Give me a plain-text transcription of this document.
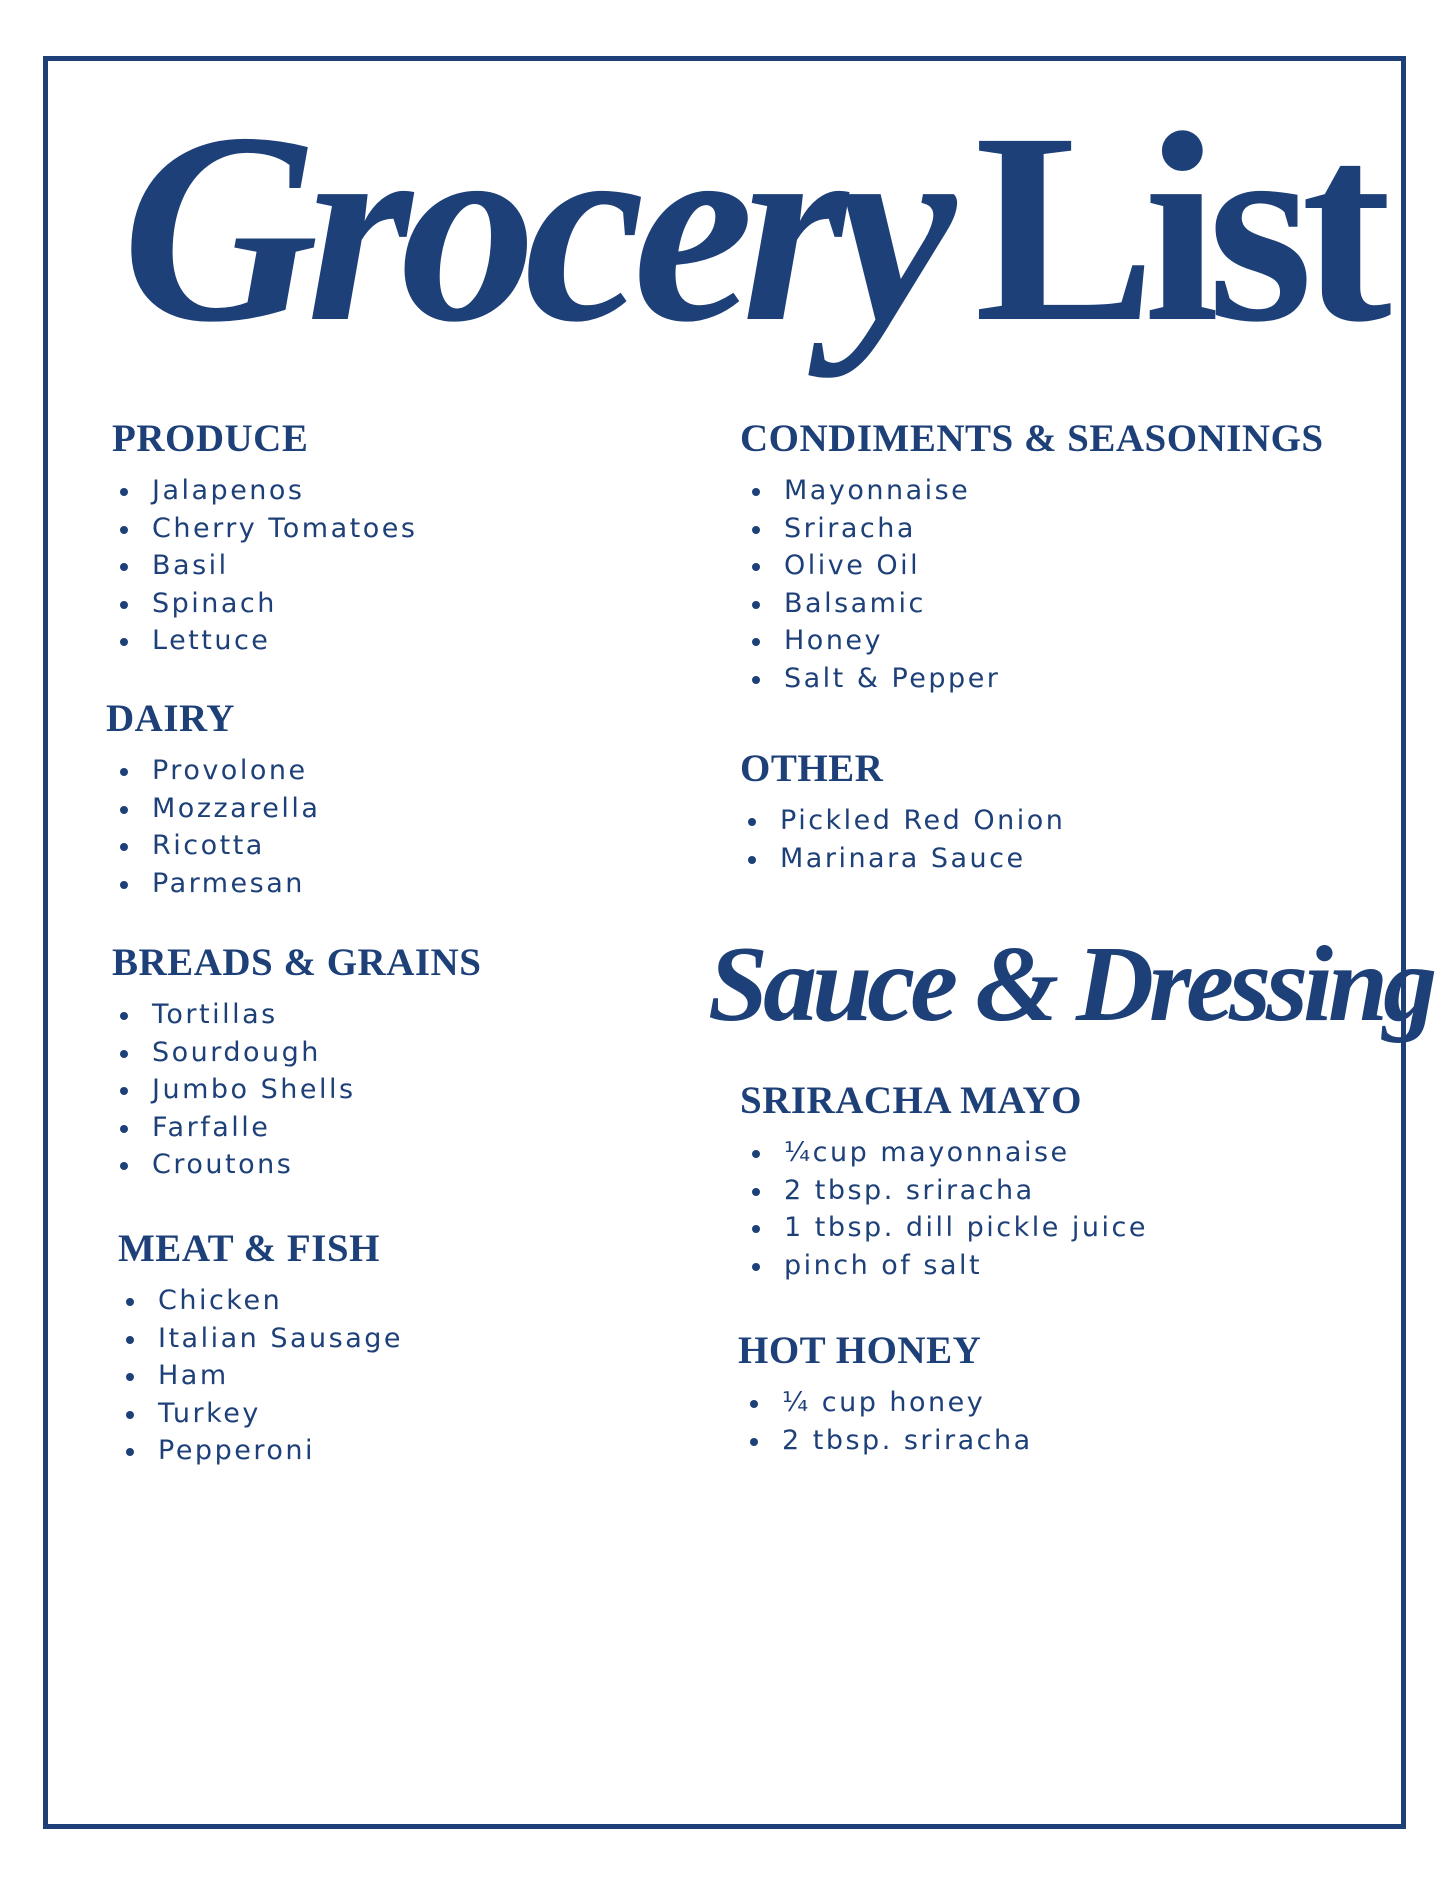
Grocery List
PRODUCE
Jalapenos
Cherry Tomatoes
Basil
Spinach
Lettuce
DAIRY
Provolone
Mozzarella
Ricotta
Parmesan
BREADS & GRAINS
Tortillas
Sourdough
Jumbo Shells
Farfalle
Croutons
MEAT & FISH
Chicken
Italian Sausage
Ham
Turkey
Pepperoni
CONDIMENTS & SEASONINGS
Mayonnaise
Sriracha
Olive Oil
Balsamic
Honey
Salt & Pepper
OTHER
Pickled Red Onion
Marinara Sauce
Sauce & Dressing
SRIRACHA MAYO
¼cup mayonnaise
2 tbsp. sriracha
1 tbsp. dill pickle juice
pinch of salt
HOT HONEY
¼ cup honey
2 tbsp. sriracha
